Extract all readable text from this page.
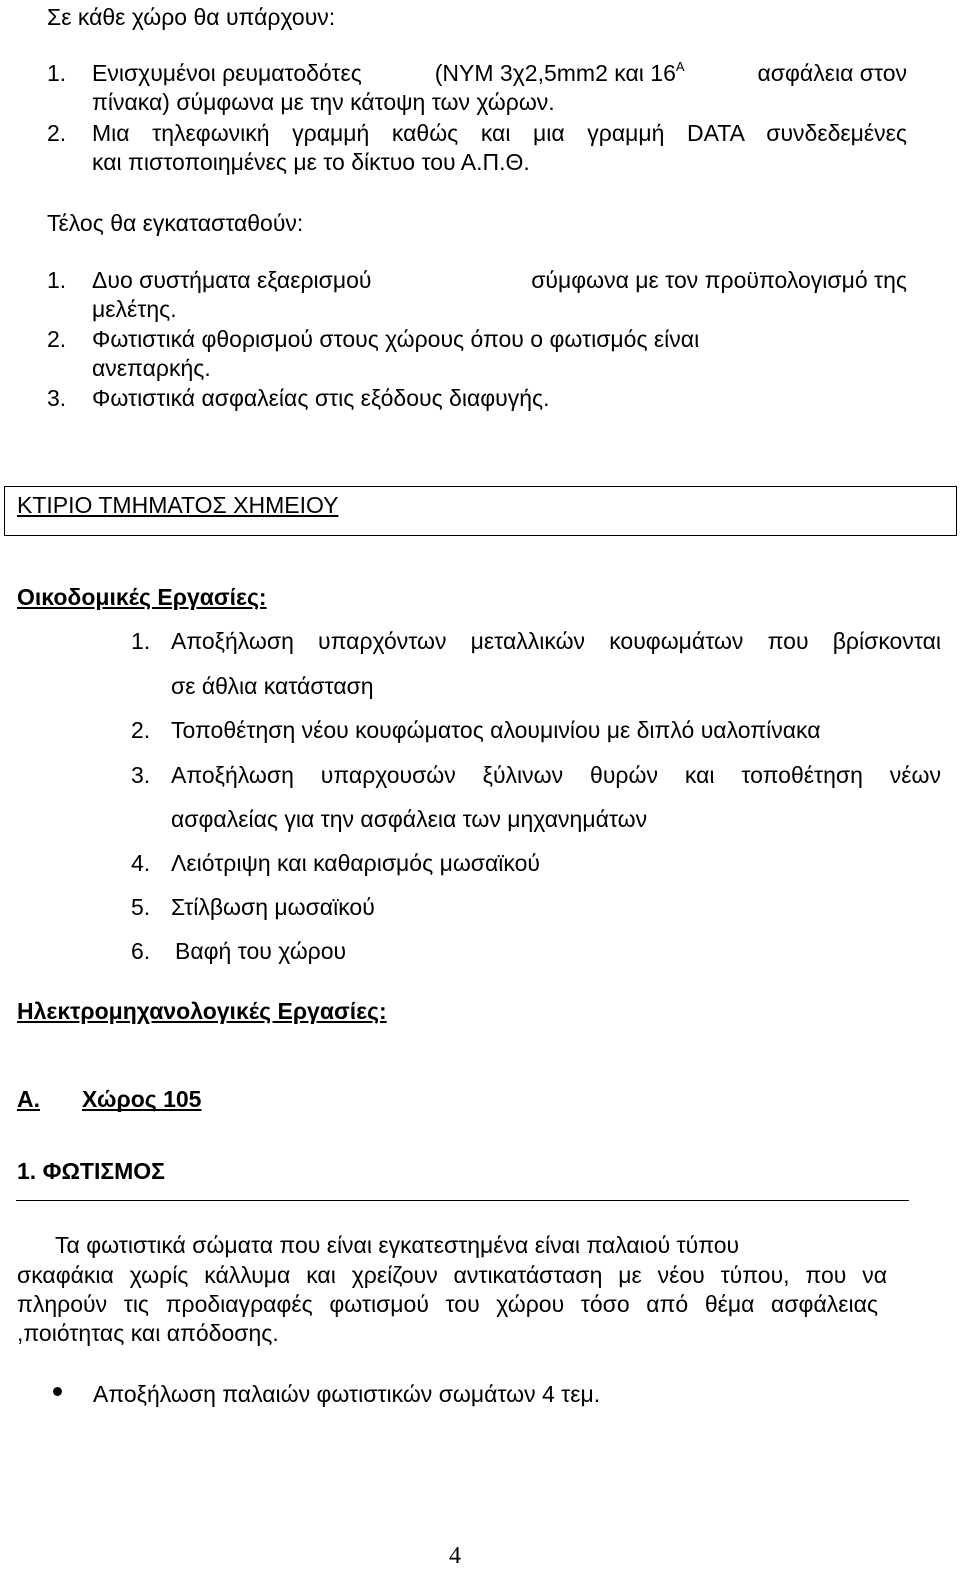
Σε κάθε χώρο θα υπάρχουν:
1. Ενισχυμένοι ρευματοδότες	(NYM 3χ2,5mm2 και $16^A$	ασφάλεια στον
πίνακα) σύμφωνα με την κάτοψη των χώρων.
2. Μια τηλεφωνική γραμμή καθώς και μια γραμμή DATA συνδεδεμένες
και πιστοποιημένες με το δίκτυο του Α.Π.Θ.
Τέλος θα εγκατασταθούν:
1. Δυο συστήματα εξαερισμού	σύμφωνα με τον προϋπολογισμό της
μελέτης.
2. Φωτιστικά φθορισμού στους χώρους όπου ο φωτισμός είναι
ανεπαρκής.
3. Φωτιστικά ασφαλείας στις εξόδους διαφυγής.
ΚΤΙΡΙΟ ΤΜΗΜΑΤΟΣ ΧΗΜΕΙΟΥ
Οικοδομικές Εργασίες:
1. Αποξήλωση υπαρχόντων μεταλλικών κουφωμάτων που βρίσκονται
σε άθλια κατάσταση
2. Τοποθέτηση νέου κουφώματος αλουμινίου με διπλό υαλοπίνακα
3. Αποξήλωση υπαρχουσών ξύλινων θυρών και τοποθέτηση νέων
ασφαλείας για την ασφάλεια των μηχανημάτων
4. Λειότριψη και καθαρισμός μωσαϊκού
5. Στίλβωση μωσαϊκού
6. Βαφή του χώρου
Ηλεκτρομηχανολογικές Εργασίες:
Α. Χώρος 105
1. ΦΩΤΙΣΜΟΣ
Τα φωτιστικά σώματα που είναι εγκατεστημένα είναι παλαιού τύπου
σκαφάκια χωρίς κάλλυμα και χρείζουν αντικατάσταση με νέου τύπου, που να
πληρούν τις προδιαγραφές φωτισμού του χώρου τόσο από θέμα ασφάλειας
,ποιότητας και απόδοσης.
Αποξήλωση παλαιών φωτιστικών σωμάτων 4 τεμ.
4
